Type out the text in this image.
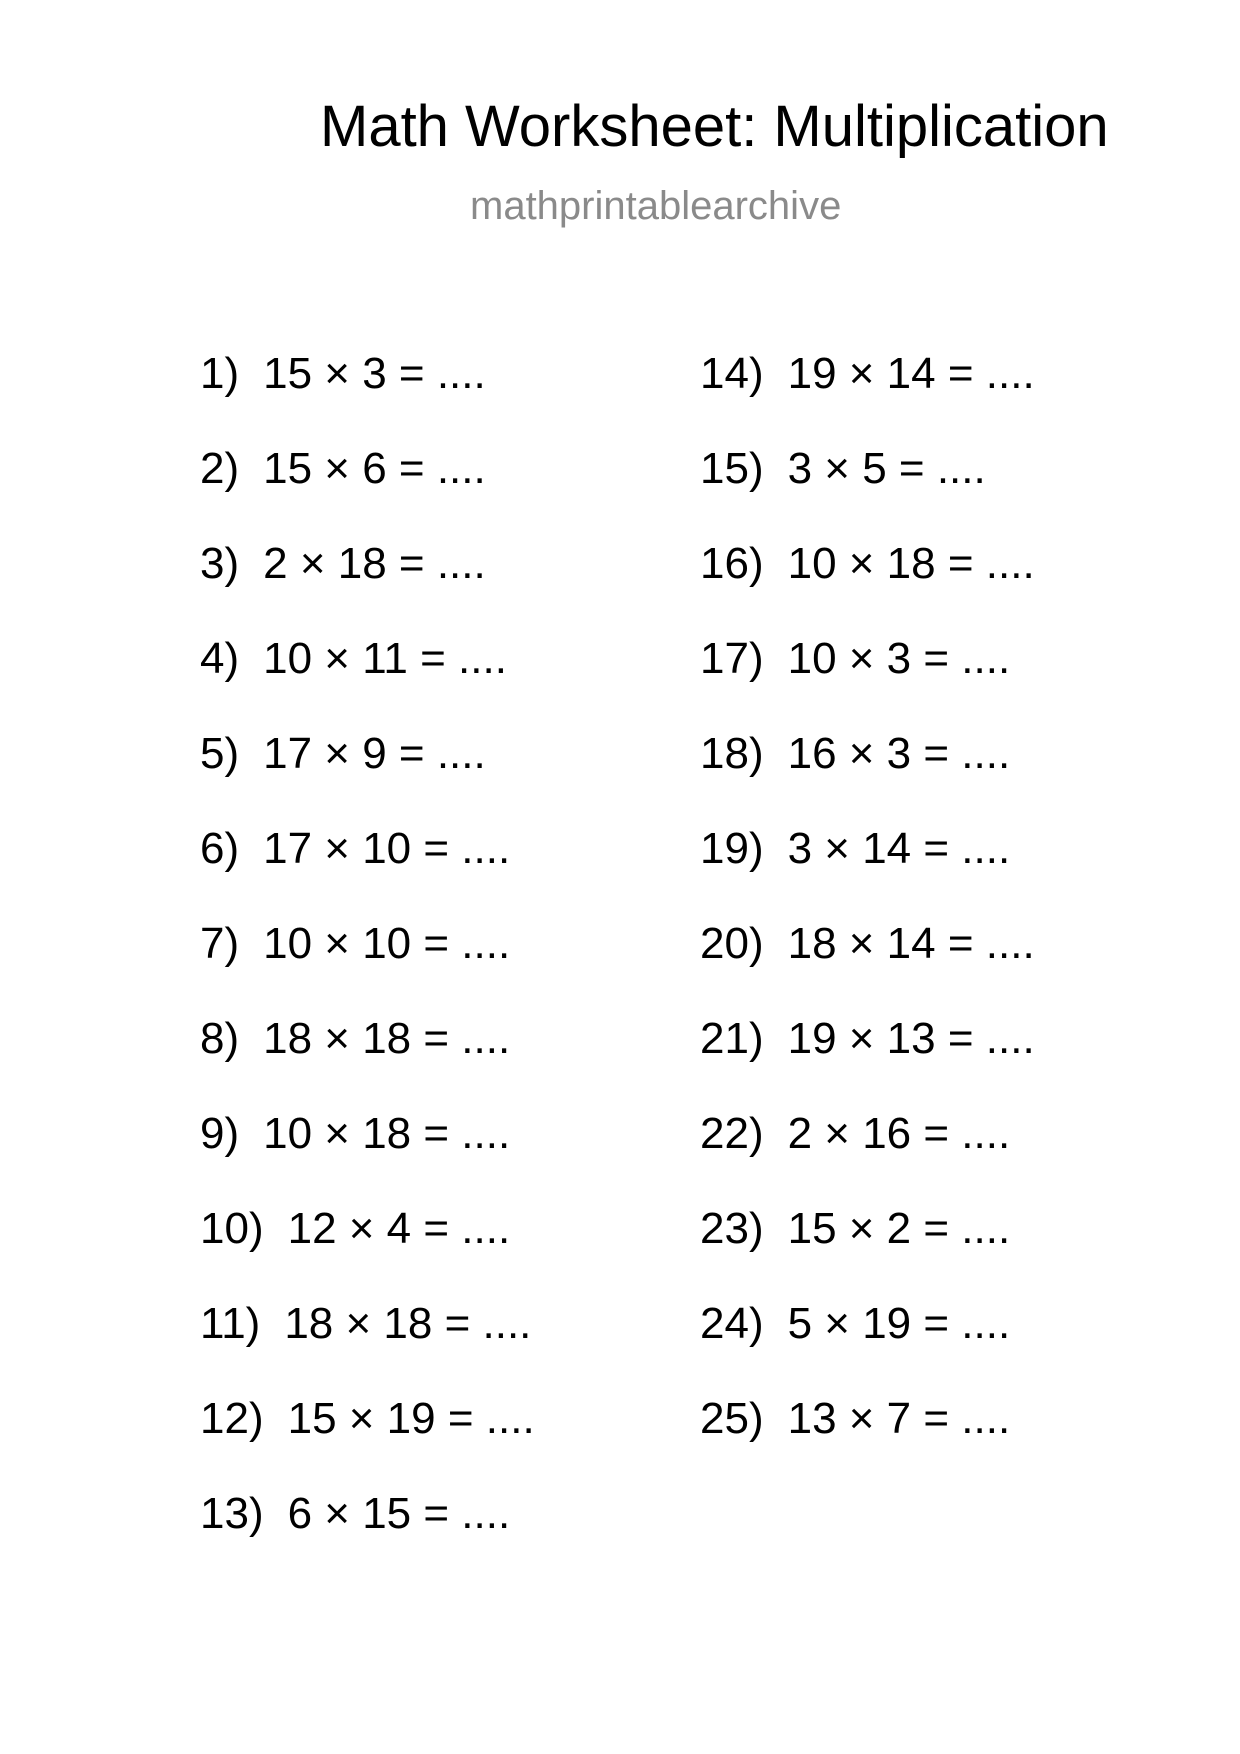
Math Worksheet: Multiplication
mathprintablearchive
1) 15 × 3 = ....
2) 15 × 6 = ....
3) 2 × 18 = ....
4) 10 × 11 = ....
5) 17 × 9 = ....
6) 17 × 10 = ....
7) 10 × 10 = ....
8) 18 × 18 = ....
9) 10 × 18 = ....
10) 12 × 4 = ....
11) 18 × 18 = ....
12) 15 × 19 = ....
13) 6 × 15 = ....
14) 19 × 14 = ....
15) 3 × 5 = ....
16) 10 × 18 = ....
17) 10 × 3 = ....
18) 16 × 3 = ....
19) 3 × 14 = ....
20) 18 × 14 = ....
21) 19 × 13 = ....
22) 2 × 16 = ....
23) 15 × 2 = ....
24) 5 × 19 = ....
25) 13 × 7 = ....
